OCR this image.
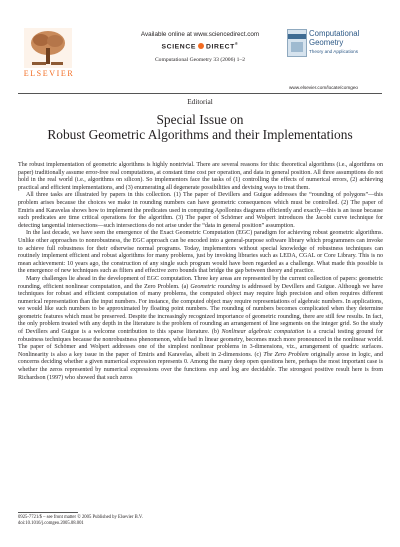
ELSEVIER
Available online at www.sciencedirect.com
SCIENCE DIRECT®
Computational Geometry 33 (2006) 1–2
Computational
Geometry
Theory and Applications
www.elsevier.com/locate/comgeo
Editorial
Special Issue on
Robust Geometric Algorithms and their Implementations

The robust implementation of geometric algorithms is highly nontrivial. There are several reasons for this: theoretical algorithms (i.e., algorithms on paper) traditionally assume error-free real computations, at constant time cost per operation, and data in general position. All three assumptions do not hold in the real world (i.e., algorithms on silicon). So implementors face the tasks of (1) controlling the effects of numerical errors, (2) achieving practical and efficient implementations, and (3) enumerating all degenerate possibilities and devising ways to treat them.

All three tasks are illustrated by papers in this collection. (1) The paper of Devillers and Guigue addresses the “rounding of polygons”—this problem arises because the choices we make in rounding numbers can have geometric consequences which must be controlled. (2) The paper of Emiris and Karavelas shows how to implement the predicates used in computing Apollonius diagrams efficiently and exactly—this is an issue because such predicates are time critical operations for the algorithm. (3) The paper of Schömer and Wolpert introduces the Jacobi curve technique for detecting tangential intersections—such intersections do not arise under the “data in general position” assumption.

In the last decade, we have seen the emergence of the Exact Geometric Computation (EGC) paradigm for achieving robust geometric algorithms. Unlike other approaches to nonrobustness, the EGC approach can be encoded into a general-purpose software library which programmers can invoke to achieve full robustness for their otherwise normal programs. Today, implementors without special knowledge of robustness techniques can routinely implement efficient and robust algorithms for many problems, just by invoking libraries such as LEDA, CGAL or Core Library. This is no mean achievement: 10 years ago, the construction of any single such program would have been regarded as a challenge. What made this possible is the emergence of new techniques such as filters and effective zero bounds that bridge the gap between theory and practice.

Many challenges lie ahead in the development of EGC computation. Three key areas are represented by the current collection of papers: geometric rounding, efficient nonlinear computation, and the Zero Problem. (a) Geometric rounding is addressed by Devillers and Guigue. Although we have techniques for robust and efficient computation of many problems, the computed object may require high precision and often requires different numerical representation than the input numbers. For instance, the computed object may require representations of algebraic numbers. In applications, we would like such numbers to be approximated by floating point numbers. The rounding of numbers becomes complicated when they determine geometric features which must be preserved. Despite the increasingly recognized importance of geometric rounding, there are still few results. In fact, the only problem treated with any depth in the literature is the problem of rounding an arrangement of line segments on the integer grid. So the study of Devillers and Guigue is a welcome contribution to this sparse literature. (b) Nonlinear algebraic computation is a crucial testing ground for robustness techniques because the nonrobustness phenomenon, while bad in linear geometry, becomes much more pronounced in the nonlinear world. The paper of Schömer and Wolpert addresses one of the simplest nonlinear problems in 3-dimensions, viz., arrangement of quadric surfaces. Nonlinearity is also a key issue in the paper of Emiris and Karavelas, albeit in 2-dimensions. (c) The Zero Problem originally arose in logic, and concerns deciding whether a given numerical expression represents 0. Among the many deep open questions here, perhaps the most important case is whether the zeros represented by numerical expressions over the functions exp and log are decidable. The strongest positive result here is from Richardson (1997) who showed that such zeros

0925-7721/$ – see front matter © 2005 Published by Elsevier B.V.
doi:10.1016/j.comgeo.2005.08.001
